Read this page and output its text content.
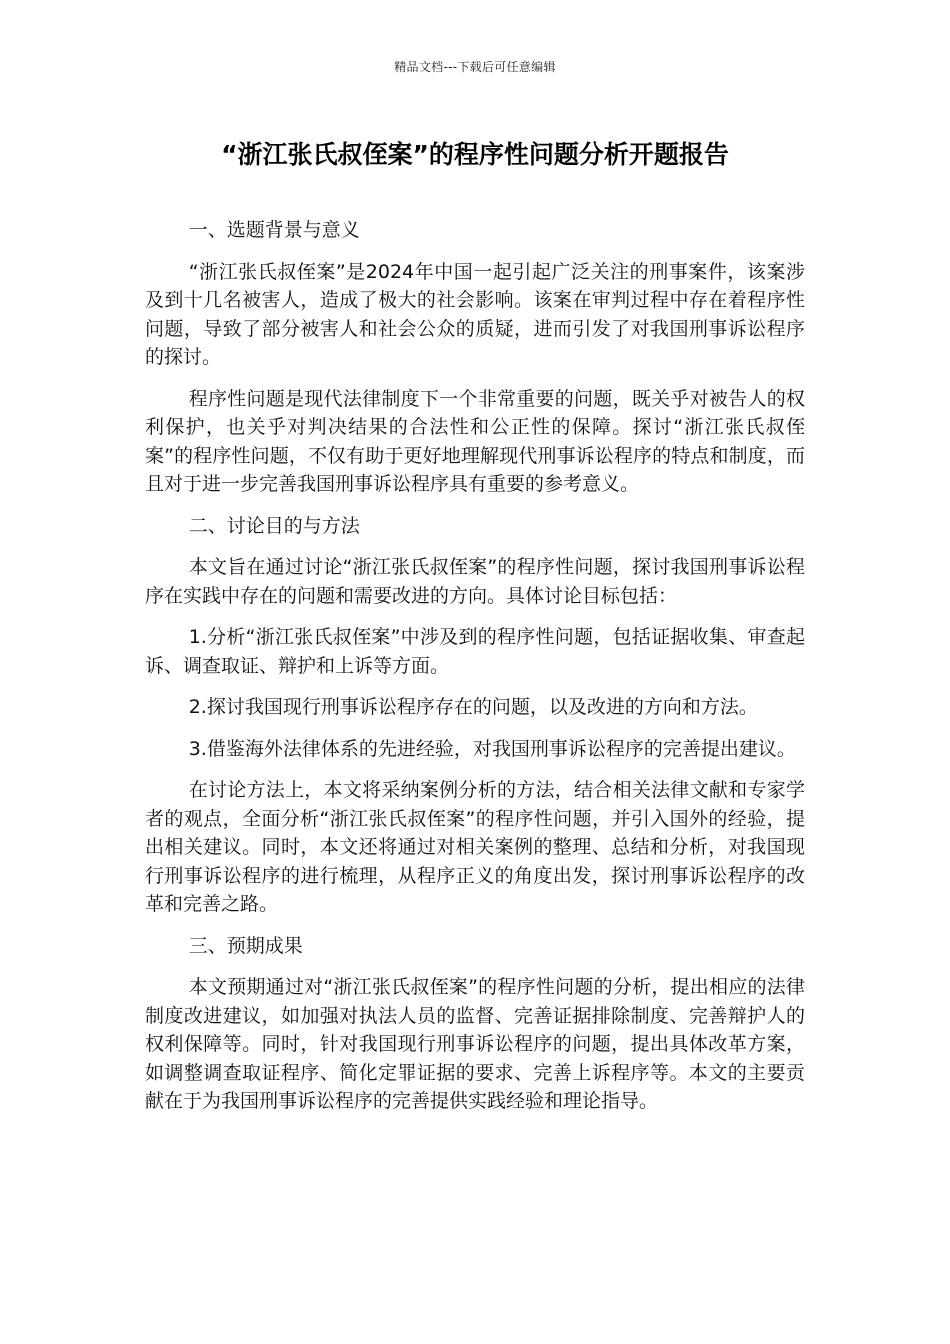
精品文档---下载后可任意编辑
“浙江张氏叔侄案”的程序性问题分析开题报告

一、选题背景与意义

“浙江张氏叔侄案”是2024年中国一起引起广泛关注的刑事案件，该案涉及到十几名被害人，造成了极大的社会影响。该案在审判过程中存在着程序性问题，导致了部分被害人和社会公众的质疑，进而引发了对我国刑事诉讼程序的探讨。

程序性问题是现代法律制度下一个非常重要的问题，既关乎对被告人的权利保护，也关乎对判决结果的合法性和公正性的保障。探讨“浙江张氏叔侄案”的程序性问题，不仅有助于更好地理解现代刑事诉讼程序的特点和制度，而且对于进一步完善我国刑事诉讼程序具有重要的参考意义。

二、讨论目的与方法

本文旨在通过讨论“浙江张氏叔侄案”的程序性问题，探讨我国刑事诉讼程序在实践中存在的问题和需要改进的方向。具体讨论目标包括：

1.分析“浙江张氏叔侄案”中涉及到的程序性问题，包括证据收集、审查起诉、调查取证、辩护和上诉等方面。

2.探讨我国现行刑事诉讼程序存在的问题，以及改进的方向和方法。

3.借鉴海外法律体系的先进经验，对我国刑事诉讼程序的完善提出建议。

在讨论方法上，本文将采纳案例分析的方法，结合相关法律文献和专家学者的观点，全面分析“浙江张氏叔侄案”的程序性问题，并引入国外的经验，提出相关建议。同时，本文还将通过对相关案例的整理、总结和分析，对我国现行刑事诉讼程序的进行梳理，从程序正义的角度出发，探讨刑事诉讼程序的改革和完善之路。

三、预期成果

本文预期通过对“浙江张氏叔侄案”的程序性问题的分析，提出相应的法律制度改进建议，如加强对执法人员的监督、完善证据排除制度、完善辩护人的权利保障等。同时，针对我国现行刑事诉讼程序的问题，提出具体改革方案，如调整调查取证程序、简化定罪证据的要求、完善上诉程序等。本文的主要贡献在于为我国刑事诉讼程序的完善提供实践经验和理论指导。
